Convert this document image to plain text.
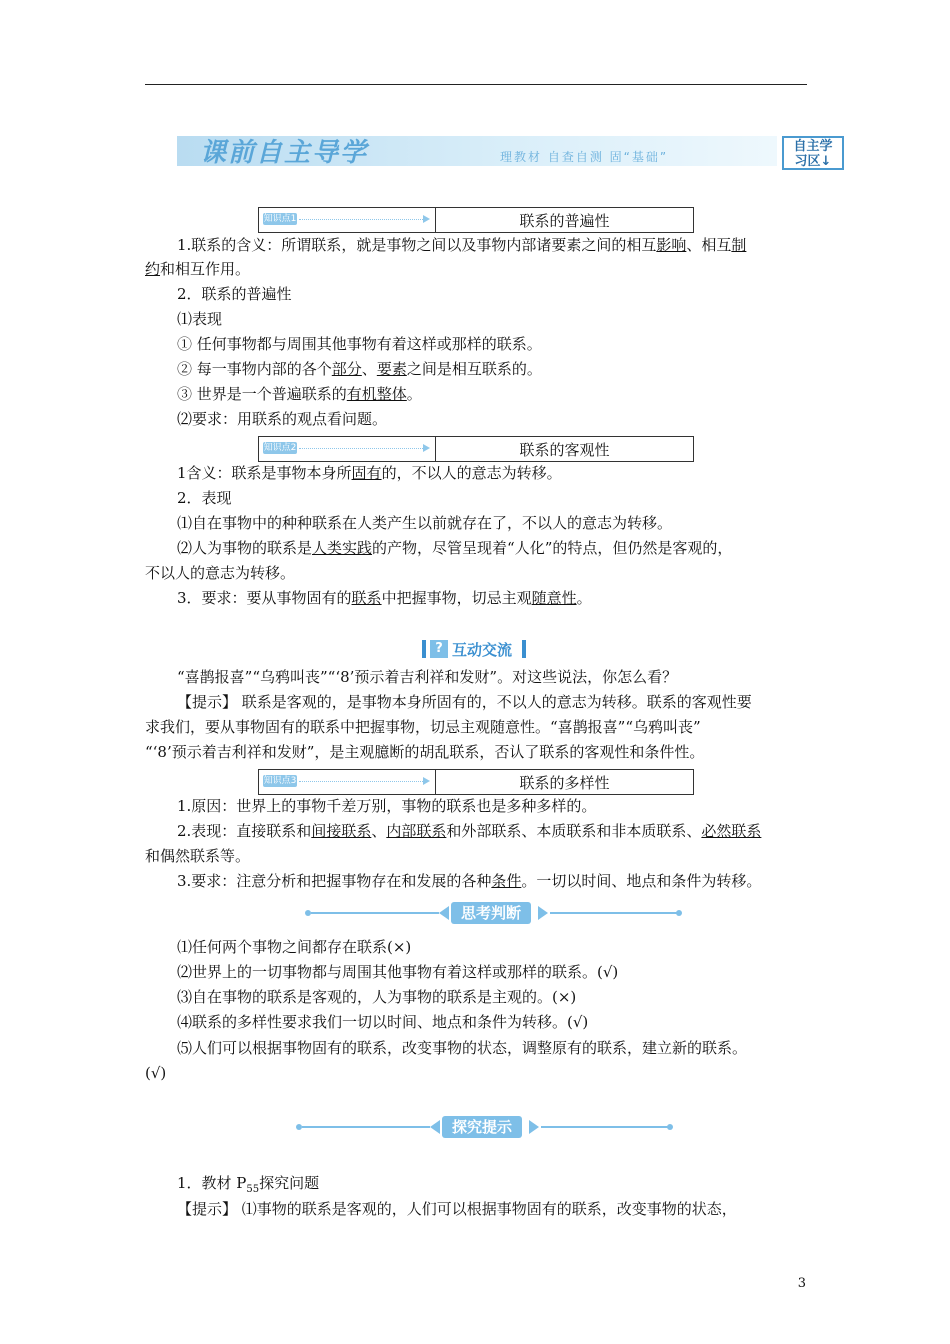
课前自主导学	理教材 自查自测 固“基础”
自主学
习区↓
知识点1	联系的普遍性
1.联系的含义：所谓联系，就是事物之间以及事物内部诸要素之间的相互影响、相互制
约和相互作用。
2．联系的普遍性
⑴表现
① 任何事物都与周围其他事物有着这样或那样的联系。
② 每一事物内部的各个部分、要素之间是相互联系的。
③ 世界是一个普遍联系的有机整体。
⑵要求：用联系的观点看问题。
知识点2	联系的客观性
1含义：联系是事物本身所固有的，不以人的意志为转移。
2．表现
⑴自在事物中的种种联系在人类产生以前就存在了，不以人的意志为转移。
⑵人为事物的联系是人类实践的产物，尽管呈现着“人化”的特点，但仍然是客观的，
不以人的意志为转移。
3．要求：要从事物固有的联系中把握事物，切忌主观随意性。
? 互动交流
“喜鹊报喜”“乌鸦叫丧”“‘8’预示着吉利祥和发财”。对这些说法，你怎么看？
【提示】 联系是客观的，是事物本身所固有的，不以人的意志为转移。联系的客观性要
求我们，要从事物固有的联系中把握事物，切忌主观随意性。“喜鹊报喜”“乌鸦叫丧”
“‘8’预示着吉利祥和发财”，是主观臆断的胡乱联系，否认了联系的客观性和条件性。
知识点3	联系的多样性
1.原因：世界上的事物千差万别，事物的联系也是多种多样的。
2.表现：直接联系和间接联系、内部联系和外部联系、本质联系和非本质联系、必然联系
和偶然联系等。
3.要求：注意分析和把握事物存在和发展的各种条件。一切以时间、地点和条件为转移。
思考判断
⑴任何两个事物之间都存在联系(×)
⑵世界上的一切事物都与周围其他事物有着这样或那样的联系。(√)
⑶自在事物的联系是客观的，人为事物的联系是主观的。(×)
⑷联系的多样性要求我们一切以时间、地点和条件为转移。(√)
⑸人们可以根据事物固有的联系，改变事物的状态，调整原有的联系，建立新的联系。
(√)
探究提示
1．教材 $P_{55}$探究问题
【提示】 ⑴事物的联系是客观的，人们可以根据事物固有的联系，改变事物的状态，
3
